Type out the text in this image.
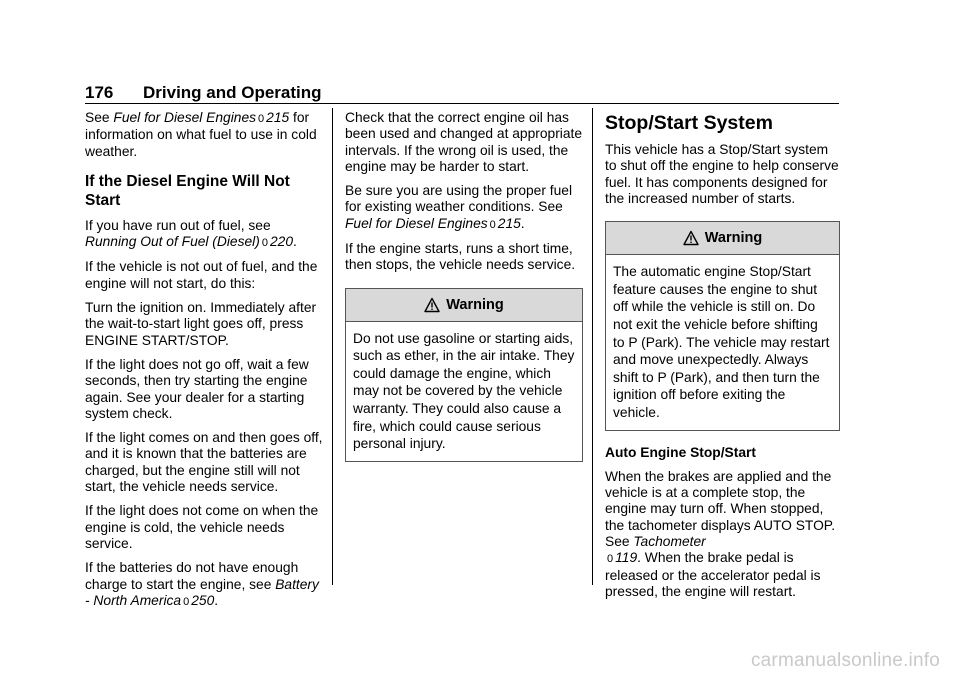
176 Driving and Operating

See Fuel for Diesel Engines 0 215 for information on what fuel to use in cold weather.

If the Diesel Engine Will Not Start

If you have run out of fuel, see Running Out of Fuel (Diesel) 0 220.

If the vehicle is not out of fuel, and the engine will not start, do this:

Turn the ignition on. Immediately after the wait-to-start light goes off, press ENGINE START/STOP.

If the light does not go off, wait a few seconds, then try starting the engine again. See your dealer for a starting system check.

If the light comes on and then goes off, and it is known that the batteries are charged, but the engine still will not start, the vehicle needs service.

If the light does not come on when the engine is cold, the vehicle needs service.

If the batteries do not have enough charge to start the engine, see Battery - North America 0 250.

Check that the correct engine oil has been used and changed at appropriate intervals. If the wrong oil is used, the engine may be harder to start.

Be sure you are using the proper fuel for existing weather conditions. See Fuel for Diesel Engines 0 215.

If the engine starts, runs a short time, then stops, the vehicle needs service.

Warning
Do not use gasoline or starting aids, such as ether, in the air intake. They could damage the engine, which may not be covered by the vehicle warranty. They could also cause a fire, which could cause serious personal injury.
Stop/Start System

This vehicle has a Stop/Start system to shut off the engine to help conserve fuel. It has components designed for the increased number of starts.

Warning
The automatic engine Stop/Start feature causes the engine to shut off while the vehicle is still on. Do not exit the vehicle before shifting to P (Park). The vehicle may restart and move unexpectedly. Always shift to P (Park), and then turn the ignition off before exiting the vehicle.
Auto Engine Stop/Start

When the brakes are applied and the vehicle is at a complete stop, the engine may turn off. When stopped, the tachometer displays AUTO STOP. See Tachometer
0 119. When the brake pedal is released or the accelerator pedal is pressed, the engine will restart.

carmanualsonline.info
